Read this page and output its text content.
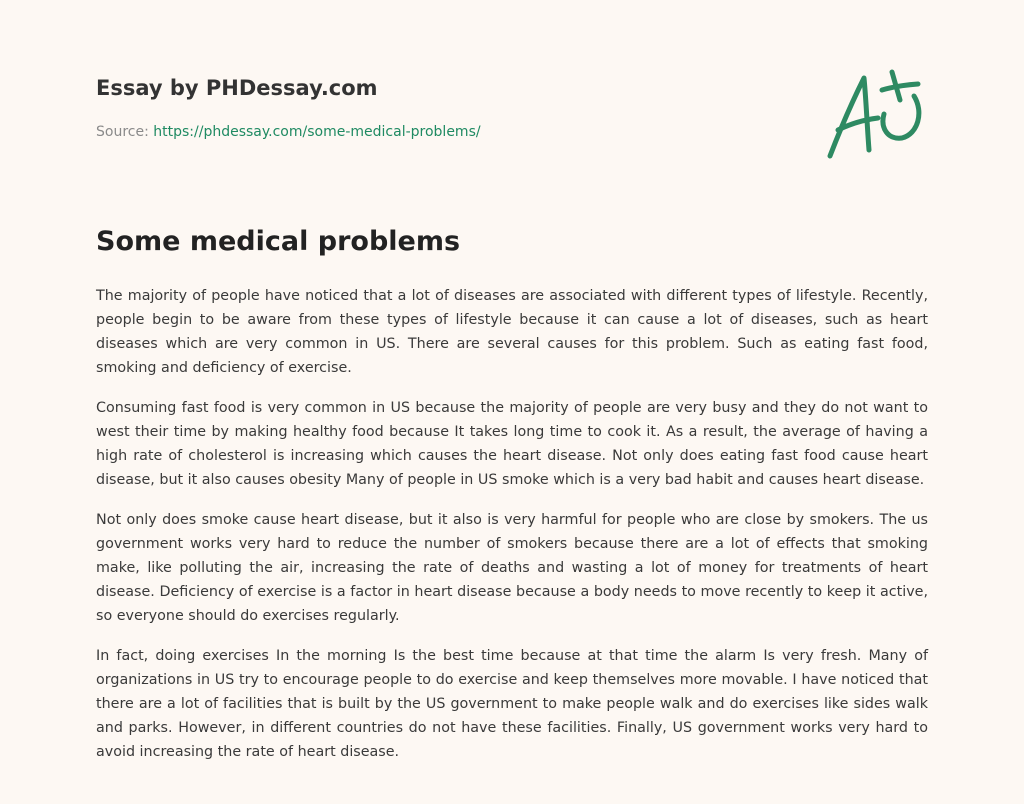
Essay by PHDessay.com
Source: https://phdessay.com/some-medical-problems/
Some medical problems

The majority of people have noticed that a lot of diseases are associated with different types of lifestyle. Recently, people begin to be aware from these types of lifestyle because it can cause a lot of diseases, such as heart diseases which are very common in US. There are several causes for this problem. Such as eating fast food, smoking and deficiency of exercise.

Consuming fast food is very common in US because the majority of people are very busy and they do not want to west their time by making healthy food because It takes long time to cook it. As a result, the average of having a high rate of cholesterol is increasing which causes the heart disease. Not only does eating fast food cause heart disease, but it also causes obesity Many of people in US smoke which is a very bad habit and causes heart disease.

Not only does smoke cause heart disease, but it also is very harmful for people who are close by smokers. The us government works very hard to reduce the number of smokers because there are a lot of effects that smoking make, like polluting the air, increasing the rate of deaths and wasting a lot of money for treatments of heart disease. Deficiency of exercise is a factor in heart disease because a body needs to move recently to keep it active, so everyone should do exercises regularly.

In fact, doing exercises In the morning Is the best time because at that time the alarm Is very fresh. Many of organizations in US try to encourage people to do exercise and keep themselves more movable. I have noticed that there are a lot of facilities that is built by the US government to make people walk and do exercises like sides walk and parks. However, in different countries do not have these facilities. Finally, US government works very hard to avoid increasing the rate of heart disease.
